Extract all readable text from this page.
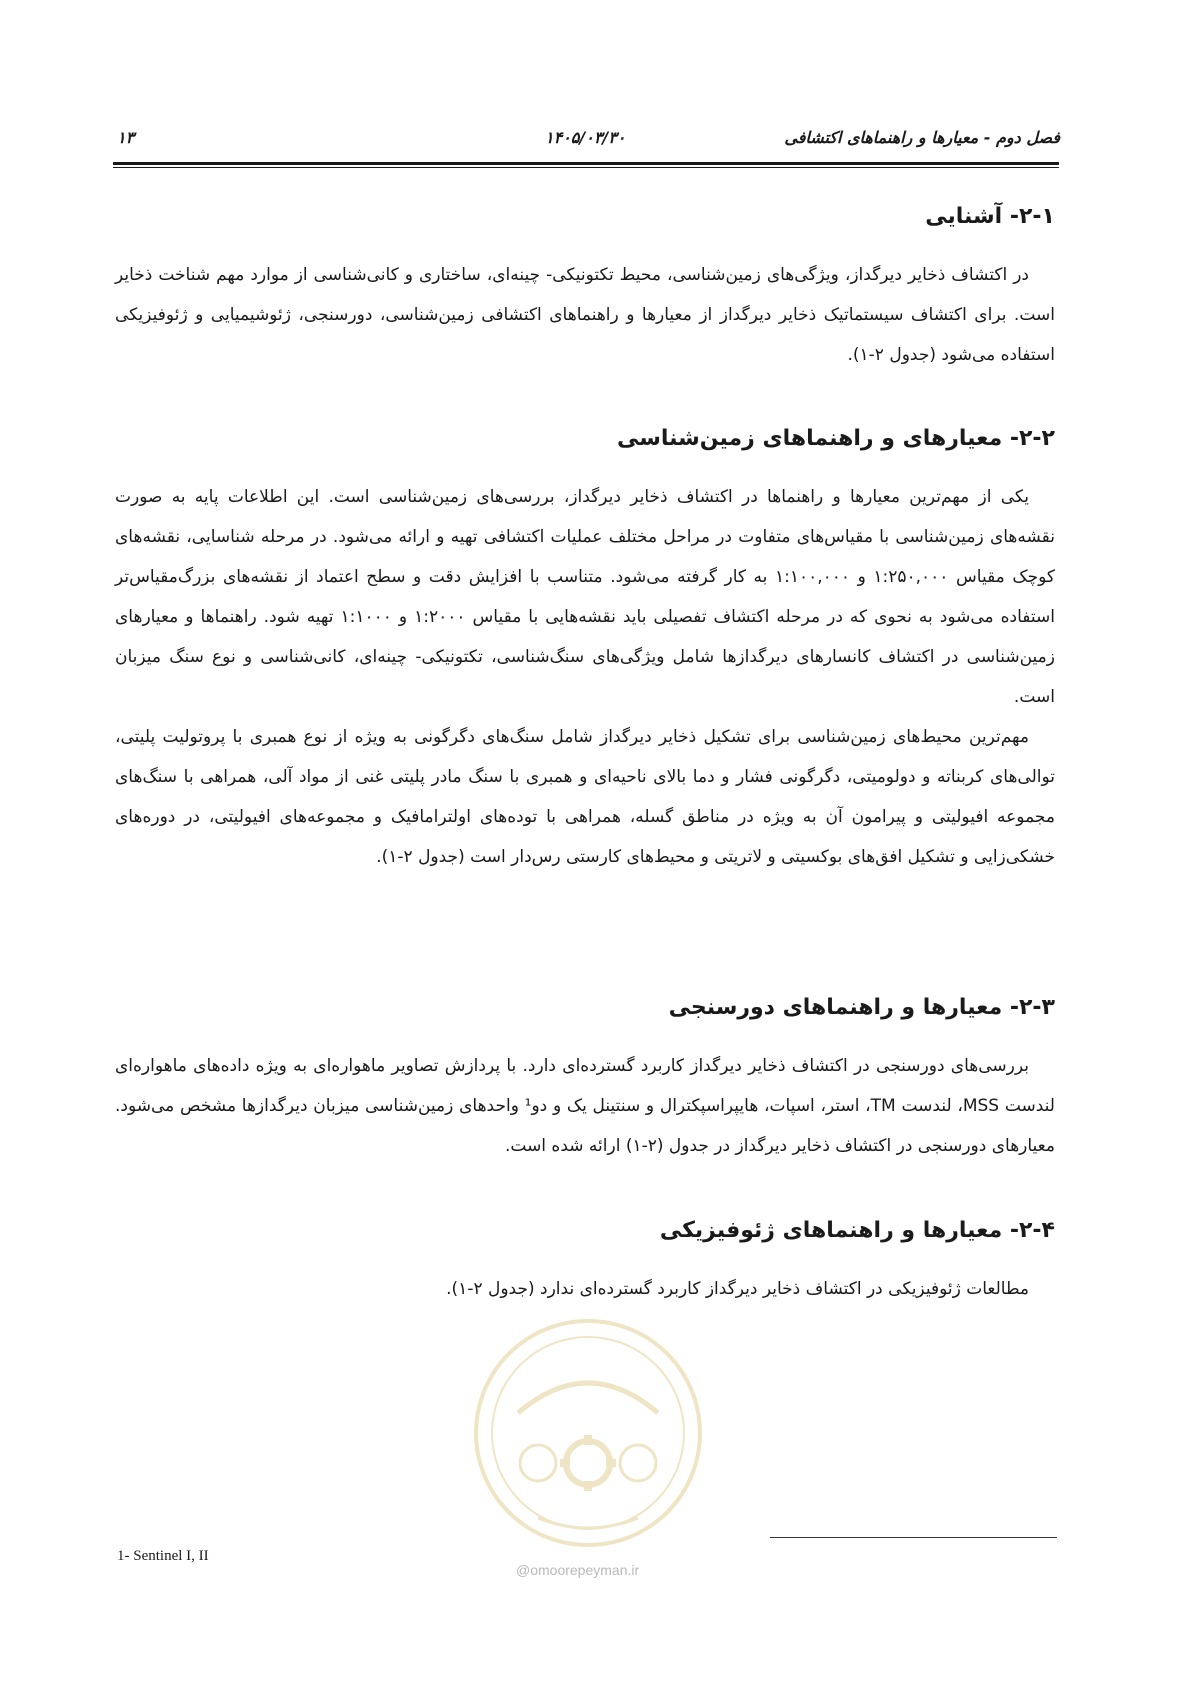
فصل دوم - معیارها و راهنماهای اکتشافی
۱۴۰۵/۰۳/۳۰
۱۳
۲-۱- آشنایی

در اکتشاف ذخایر دیرگداز، ویژگی‌های زمین‌شناسی، محیط تکتونیکی- چینه‌ای، ساختاری و کانی‌شناسی از موارد مهم شناخت ذخایر است. برای اکتشاف سیستماتیک ذخایر دیرگداز از معیارها و راهنماهای اکتشافی زمین‌شناسی، دورسنجی، ژئوشیمیایی و ژئوفیزیکی استفاده می‌شود (جدول ۲-۱).

۲-۲- معیارهای و راهنماهای زمین‌شناسی

یکی از مهم‌ترین معیارها و راهنماها در اکتشاف ذخایر دیرگداز، بررسی‌های زمین‌شناسی است. این اطلاعات پایه به صورت نقشه‌های زمین‌شناسی با مقیاس‌های متفاوت در مراحل مختلف عملیات اکتشافی تهیه و ارائه می‌شود. در مرحله شناسایی، نقشه‌های کوچک مقیاس ۱:۲۵۰,۰۰۰ و ۱:۱۰۰,۰۰۰ به کار گرفته می‌شود. متناسب با افزایش دقت و سطح اعتماد از نقشه‌های بزرگ‌مقیاس‌تر استفاده می‌شود به نحوی که در مرحله اکتشاف تفصیلی باید نقشه‌هایی با مقیاس ۱:۲۰۰۰ و ۱:۱۰۰۰ تهیه شود. راهنماها و معیارهای زمین‌شناسی در اکتشاف کانسارهای دیرگدازها شامل ویژگی‌های سنگ‌شناسی، تکتونیکی- چینه‌ای، کانی‌شناسی و نوع سنگ میزبان است.

مهم‌ترین محیط‌های زمین‌شناسی برای تشکیل ذخایر دیرگداز شامل سنگ‌های دگرگونی به ویژه از نوع همبری با پروتولیت پلیتی، توالی‌های کربناته و دولومیتی، دگرگونی فشار و دما بالای ناحیه‌ای و همبری با سنگ مادر پلیتی غنی از مواد آلی، همراهی با سنگ‌های مجموعه افیولیتی و پیرامون آن به ویژه در مناطق گسله، همراهی با توده‌های اولترامافیک و مجموعه‌های افیولیتی، در دوره‌های خشکی‌زایی و تشکیل افق‌های بوکسیتی و لاتریتی و محیط‌های کارستی رس‌دار است (جدول ۲-۱).

۲-۳- معیارها و راهنماهای دورسنجی

بررسی‌های دورسنجی در اکتشاف ذخایر دیرگداز کاربرد گسترده‌ای دارد. با پردازش تصاویر ماهواره‌ای به ویژه داده‌های ماهواره‌ای لندست MSS، لندست TM، استر، اسپات، هایپراسپکترال و سنتینل یک و دو¹ واحدهای زمین‌شناسی میزبان دیرگدازها مشخص می‌شود. معیارهای دورسنجی در اکتشاف ذخایر دیرگداز در جدول (۲-۱) ارائه شده است.

۲-۴- معیارها و راهنماهای ژئوفیزیکی

مطالعات ژئوفیزیکی در اکتشاف ذخایر دیرگداز کاربرد گسترده‌ای ندارد (جدول ۲-۱).

@omoorepeyman.ir
1- Sentinel I, II
